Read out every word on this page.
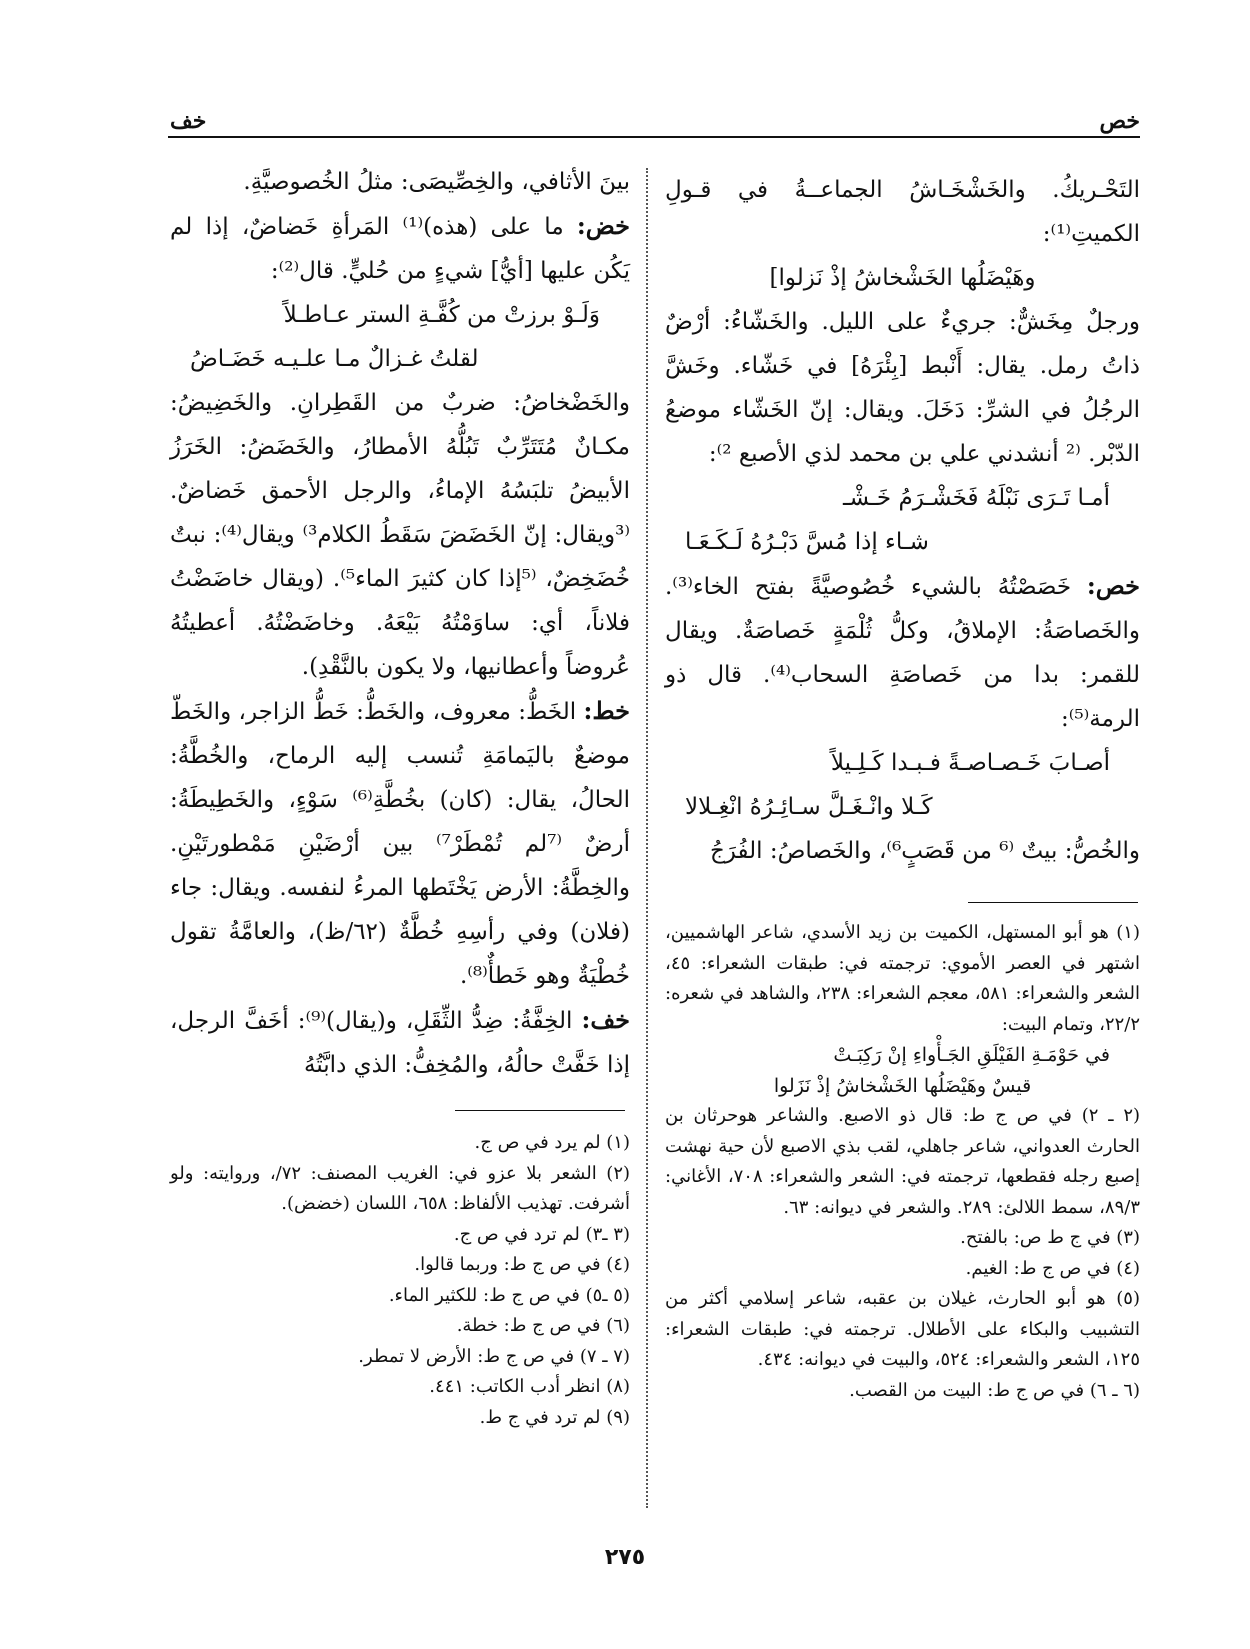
خص
خف

التَحْـريكُ. والخَشْخَـاشُ الجماعــةُ في قـولِ الكميتِ⁽¹⁾:

وهَيْضَلُها الخَشْخاشُ إذْ نَزلوا]

ورجلٌ مِخَشٌّ: جريءٌ على الليل. والخَشّاءُ: أرْضٌ ذاتُ رمل. يقال: أَنْبط [بِئْرَهُ] في خَشّاء. وخَشَّ الرجُلُ في الشرِّ: دَخَلَ. ويقال: إنّ الخَشّاء موضعُ الدّبْر. ⁽² أنشدني علي بن محمد لذي الأصبع ²⁾:

أمـا تَـرَى نَبْلَهُ فَخَشْـرَمُ خَـشْـ

شـاء إذا مُسَّ دَبْـرُهُ لَـكَـعَـا

خص: خَصَصْتُهُ بالشيء خُصُوصيَّةً بفتح الخاء⁽³⁾. والخَصاصَةُ: الإملاقُ، وكلُّ ثُلْمَةٍ خَصاصَةٌ. ويقال للقمر: بدا من خَصاصَةِ السحاب⁽⁴⁾. قال ذو الرمة⁽⁵⁾:

أصـابَ خَـصـاصـةً فـبـدا كَـلِـيلاً

كَـلا وانْـغَـلَّ سـائِـرُهُ انْغِـلالا

والخُصُّ: بيتٌ ⁽⁶ من قَصَبٍ⁶⁾، والخَصاصُ: الفُرَجُ

بينَ الأثافي، والخِصِّيصَى: مثلُ الخُصوصيَّةِ.

خض: ما على (هذه)⁽¹⁾ المَرأةِ خَضاضٌ، إذا لم يَكُن عليها [أيُّ] شيءٍ من حُليٍّ. قال⁽²⁾:

وَلَـوْ برزتْ من كُفَّـةِ الستر عـاطـلاً

لقلتُ غـزالٌ مـا علـيـه خَضَـاضُ

والخَضْخاضُ: ضربٌ من القَطِرانِ. والخَضِيضُ: مكـانٌ مُتَتَرِّبٌ تَبُلُّهُ الأمطارُ، والخَضَضُ: الخَرَزُ الأبيضُ تلبَسُهُ الإماءُ، والرجل الأحمق خَضاضٌ. ⁽³ويقال: إنّ الخَضَضَ سَقَطُ الكلام³⁾ ويقال⁽⁴⁾: نبتٌ خُضَخِضٌ، ⁽⁵إذا كان كثيرَ الماء⁵⁾. (ويقال خاضَضْتُ فلاناً، أي: ساوَمْتُهُ بَيْعَهُ. وخاضَضْتُهُ. أعطيتُهُ عُروضاً وأعطانيها، ولا يكون بالنَّقْدِ).

خط: الخَطُّ: معروف، والخَطُّ: خَطُّ الزاجر، والخَطّ موضعٌ باليَمامَةِ تُنسب إليه الرماح، والخُطَّةُ: الحالُ، يقال: (كان) بخُطَّةِ⁽⁶⁾ سَوْءٍ، والخَطِيطَةُ: أرضٌ ⁽⁷لم تُمْطَرْ⁷⁾ بين أرْضَيْنِ مَمْطورتَيْنِ. والخِطَّةُ: الأرض يَخْتَطها المرءُ لنفسه. ويقال: جاء (فلان) وفي رأسِهِ خُطَّةٌ (٦٢/ظ)، والعامَّةُ تقول خُطْيَةٌ وهو خَطأٌ⁽⁸⁾.

خف: الخِفَّةُ: ضِدُّ الثِّقَلِ، و(يقال)⁽⁹⁾: أخَفَّ الرجل، إذا خَفَّتْ حالُهُ، والمُخِفُّ: الذي دابَّتُهُ

(١) هو أبو المستهل، الكميت بن زيد الأسدي، شاعر الهاشميين، اشتهر في العصر الأموي: ترجمته في: طبقات الشعراء: ٤٥، الشعر والشعراء: ٥٨١، معجم الشعراء: ٢٣٨، والشاهد في شعره: ٢٢/٢، وتمام البيت:

في حَوْمَـةِ الفَيْلَقِ الجَـأْواءِ إنْ رَكِبَـتْ

قيسٌ وهَيْضَلُها الخَشْخاشُ إذْ نَزَلوا

(٢ ـ ٢) في ص ج ط: قال ذو الاصبع. والشاعر هوحرثان بن الحارث العدواني، شاعر جاهلي، لقب بذي الاصبع لأن حية نهشت إصبع رجله فقطعها، ترجمته في: الشعر والشعراء: ٧٠٨، الأغاني: ٨٩/٣، سمط اللالئ: ٢٨٩. والشعر في ديوانه: ٦٣.

(٣) في ج ط ص: بالفتح.

(٤) في ص ج ط: الغيم.

(٥) هو أبو الحارث، غيلان بن عقبه، شاعر إسلامي أكثر من التشبيب والبكاء على الأطلال. ترجمته في: طبقات الشعراء: ١٢٥، الشعر والشعراء: ٥٢٤، والبيت في ديوانه: ٤٣٤.

(٦ ـ ٦) في ص ج ط: البيت من القصب.

(١) لم يرد في ص ج.

(٢) الشعر بلا عزو في: الغريب المصنف: ٧٢/، وروايته: ولو أشرفت. تهذيب الألفاظ: ٦٥٨، اللسان (خضض).

(٣ ـ٣) لم ترد في ص ج.

(٤) في ص ج ط: وربما قالوا.

(٥ ـ٥) في ص ج ط: للكثير الماء.

(٦) في ص ج ط: خطة.

(٧ ـ ٧) في ص ج ط: الأرض لا تمطر.

(٨) انظر أدب الكاتب: ٤٤١.

(٩) لم ترد في ج ط.

٢٧٥
